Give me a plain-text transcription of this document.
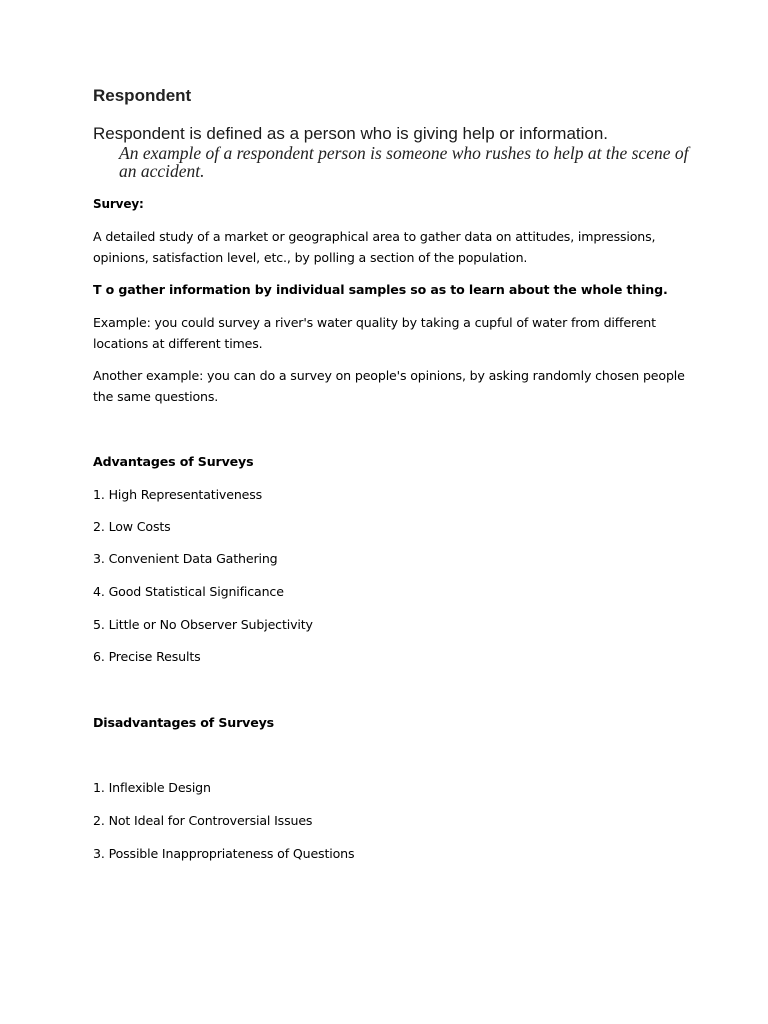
Respondent

Respondent is defined as a person who is giving help or information.

An example of a respondent person is someone who rushes to help at the scene of an accident.

Survey:

A detailed study of a market or geographical area to gather data on attitudes, impressions, opinions, satisfaction level, etc., by polling a section of the population.

T o gather information by individual samples so as to learn about the whole thing.

Example: you could survey a river's water quality by taking a cupful of water from different locations at different times.

Another example: you can do a survey on people's opinions, by asking randomly chosen people the same questions.

Advantages of Surveys

1. High Representativeness

2. Low Costs

3. Convenient Data Gathering

4. Good Statistical Significance

5. Little or No Observer Subjectivity

6. Precise Results

Disadvantages of Surveys

1. Inflexible Design

2. Not Ideal for Controversial Issues

3. Possible Inappropriateness of Questions
